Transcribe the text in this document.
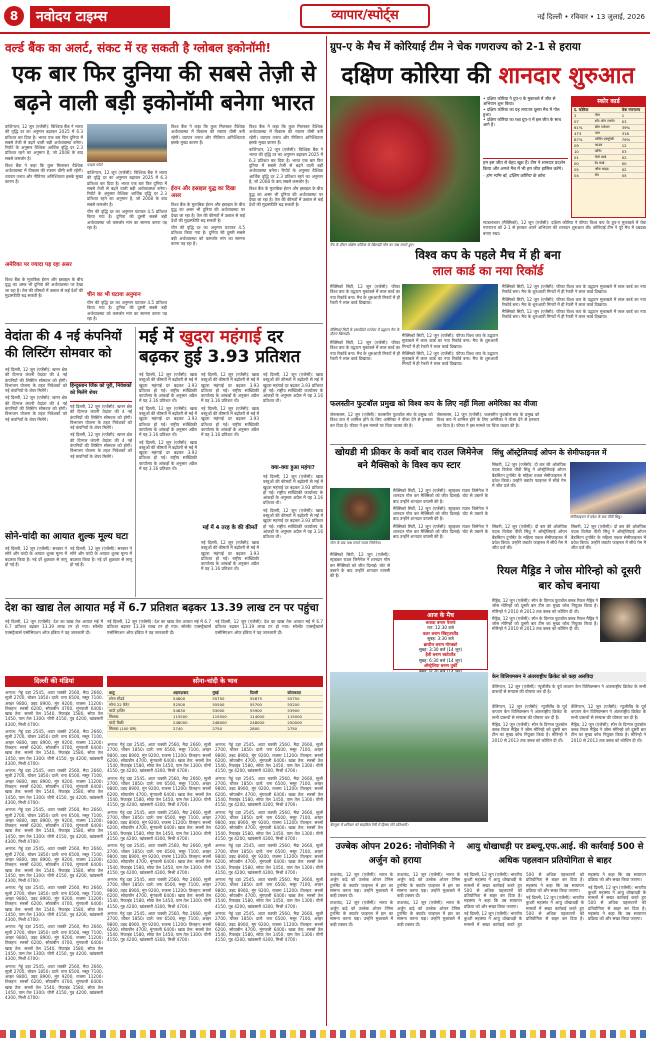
8	नवोदय टाइम्स	व्यापार/स्पोर्ट्स	नई दिल्ली • रविवार • 13 जुलाई, 2026
वर्ल्ड बैंक का अलर्ट, संकट में रह सकती है ग्लोबल इकोनॉमी!
एक बार फिर दुनिया की सबसे तेज़ी से बढ़ने वाली बड़ी इकोनॉमी बनेगा भारत

वाशिंगटन, 12 जून (एजेंसी): विश्विक बैंक ने भारत की वृद्धि दर का अनुमान बढ़ाकर 2025 में 6.3 प्रतिशत कर दिया है। भारत एक बार फिर दुनिया में सबसे तेजी से बढ़ने वाली बड़ी अर्थव्यवस्था बनेगा। रिपोर्ट के अनुसार वैश्विक आर्थिक वृद्धि दर 2.3 प्रतिशत रहने का अनुमान है, जो 2008 के बाद सबसे कमजोर है।

विश्व बैंक ने कहा कि कुल मिलाकर वैश्विक अर्थव्यवस्था में विकास की रफ्तार धीमी बनी रहेगी। व्यापार तनाव और नीतिगत अनिश्चितता इसके मुख्य कारण हैं।

अमेरिका पर ज्यादा पड़ रहा असर
विश्व बैंक के मुताबिक ईरान और इस्राइल के बीच युद्ध का असर भी दुनिया की अर्थव्यवस्था पर देखा जा रहा है। तेल की कीमतों में उछाल से कई देशों की मुद्रास्फीति बढ़ सकती है।
फाइल फोटो

वाशिंगटन, 12 जून (एजेंसी): विश्विक बैंक ने भारत की वृद्धि दर का अनुमान बढ़ाकर 2025 में 6.3 प्रतिशत कर दिया है। भारत एक बार फिर दुनिया में सबसे तेजी से बढ़ने वाली बड़ी अर्थव्यवस्था बनेगा। रिपोर्ट के अनुसार वैश्विक आर्थिक वृद्धि दर 2.3 प्रतिशत रहने का अनुमान है, जो 2008 के बाद सबसे कमजोर है।

चीन की वृद्धि दर का अनुमान घटाकर 4.5 प्रतिशत किया गया है। दुनिया की दूसरी सबसे बड़ी अर्थव्यवस्था को कमजोर मांग का सामना करना पड़ रहा है।

चीन का भी घटाया अनुमान
चीन की वृद्धि दर का अनुमान घटाकर 4.5 प्रतिशत किया गया है। दुनिया की दूसरी सबसे बड़ी अर्थव्यवस्था को कमजोर मांग का सामना करना पड़ रहा है।
विश्व बैंक ने कहा कि कुल मिलाकर वैश्विक अर्थव्यवस्था में विकास की रफ्तार धीमी बनी रहेगी। व्यापार तनाव और नीतिगत अनिश्चितता इसके मुख्य कारण हैं।
ईरान और इस्राइल युद्ध का दिखा असर

विश्व बैंक के मुताबिक ईरान और इस्राइल के बीच युद्ध का असर भी दुनिया की अर्थव्यवस्था पर देखा जा रहा है। तेल की कीमतों में उछाल से कई देशों की मुद्रास्फीति बढ़ सकती है।

चीन की वृद्धि दर का अनुमान घटाकर 4.5 प्रतिशत किया गया है। दुनिया की दूसरी सबसे बड़ी अर्थव्यवस्था को कमजोर मांग का सामना करना पड़ रहा है।

विश्व बैंक ने कहा कि कुल मिलाकर वैश्विक अर्थव्यवस्था में विकास की रफ्तार धीमी बनी रहेगी। व्यापार तनाव और नीतिगत अनिश्चितता इसके मुख्य कारण हैं।

वाशिंगटन, 12 जून (एजेंसी): विश्विक बैंक ने भारत की वृद्धि दर का अनुमान बढ़ाकर 2025 में 6.3 प्रतिशत कर दिया है। भारत एक बार फिर दुनिया में सबसे तेजी से बढ़ने वाली बड़ी अर्थव्यवस्था बनेगा। रिपोर्ट के अनुसार वैश्विक आर्थिक वृद्धि दर 2.3 प्रतिशत रहने का अनुमान है, जो 2008 के बाद सबसे कमजोर है।

विश्व बैंक के मुताबिक ईरान और इस्राइल के बीच युद्ध का असर भी दुनिया की अर्थव्यवस्था पर देखा जा रहा है। तेल की कीमतों में उछाल से कई देशों की मुद्रास्फीति बढ़ सकती है।

वेदांता की 4 नई कंपनियों की लिस्टिंग सोमवार को

नई दिल्ली, 12 जून (एजेंसी): खनन क्षेत्र की दिग्गज कंपनी वेदांता की 4 नई कंपनियों की लिस्टिंग सोमवार को होगी। विभाजन योजना के तहत निवेशकों को नई कंपनियों के शेयर मिलेंगे।

नई दिल्ली, 12 जून (एजेंसी): खनन क्षेत्र की दिग्गज कंपनी वेदांता की 4 नई कंपनियों की लिस्टिंग सोमवार को होगी। विभाजन योजना के तहत निवेशकों को नई कंपनियों के शेयर मिलेंगे।

हिन्दुस्तान जिंक को पूरी, निवेशकों को मिलेंगे शेयर

नई दिल्ली, 12 जून (एजेंसी): खनन क्षेत्र की दिग्गज कंपनी वेदांता की 4 नई कंपनियों की लिस्टिंग सोमवार को होगी। विभाजन योजना के तहत निवेशकों को नई कंपनियों के शेयर मिलेंगे।

नई दिल्ली, 12 जून (एजेंसी): खनन क्षेत्र की दिग्गज कंपनी वेदांता की 4 नई कंपनियों की लिस्टिंग सोमवार को होगी। विभाजन योजना के तहत निवेशकों को नई कंपनियों के शेयर मिलेंगे।

सोने-चांदी का आयात शुल्क मूल्य घटा
नई दिल्ली, 12 जून (एजेंसी): सरकार ने सोने और चांदी के आयात शुल्क मूल्य में बदलाव किया है। नई दरें शुक्रवार से लागू हो गई हैं।
नई दिल्ली, 12 जून (एजेंसी): सरकार ने सोने और चांदी के आयात शुल्क मूल्य में बदलाव किया है। नई दरें शुक्रवार से लागू हो गई हैं।
मई में खुदरा महंगाई दर बढ़कर हुई 3.93 प्रतिशत

नई दिल्ली, 12 जून (एजेंसी): खाद्य वस्तुओं की कीमतों में बढ़ोतरी से मई में खुदरा महंगाई दर बढ़कर 3.93 प्रतिशत हो गई। राष्ट्रीय सांख्यिकी कार्यालय के आंकड़ों के अनुसार अप्रैल में यह 3.16 प्रतिशत थी।

नई दिल्ली, 12 जून (एजेंसी): खाद्य वस्तुओं की कीमतों में बढ़ोतरी से मई में खुदरा महंगाई दर बढ़कर 3.93 प्रतिशत हो गई। राष्ट्रीय सांख्यिकी कार्यालय के आंकड़ों के अनुसार अप्रैल में यह 3.16 प्रतिशत थी।

नई दिल्ली, 12 जून (एजेंसी): खाद्य वस्तुओं की कीमतों में बढ़ोतरी से मई में खुदरा महंगाई दर बढ़कर 3.93 प्रतिशत हो गई। राष्ट्रीय सांख्यिकी कार्यालय के आंकड़ों के अनुसार अप्रैल में यह 3.16 प्रतिशत थी।

नई दिल्ली, 12 जून (एजेंसी): खाद्य वस्तुओं की कीमतों में बढ़ोतरी से मई में खुदरा महंगाई दर बढ़कर 3.93 प्रतिशत हो गई। राष्ट्रीय सांख्यिकी कार्यालय के आंकड़ों के अनुसार अप्रैल में यह 3.16 प्रतिशत थी।

नई दिल्ली, 12 जून (एजेंसी): खाद्य वस्तुओं की कीमतों में बढ़ोतरी से मई में खुदरा महंगाई दर बढ़कर 3.93 प्रतिशत हो गई। राष्ट्रीय सांख्यिकी कार्यालय के आंकड़ों के अनुसार अप्रैल में यह 3.16 प्रतिशत थी।

मई में 4 तरह के की कीमतें
नई दिल्ली, 12 जून (एजेंसी): खाद्य वस्तुओं की कीमतों में बढ़ोतरी से मई में खुदरा महंगाई दर बढ़कर 3.93 प्रतिशत हो गई। राष्ट्रीय सांख्यिकी कार्यालय के आंकड़ों के अनुसार अप्रैल में यह 3.16 प्रतिशत थी।
नई दिल्ली, 12 जून (एजेंसी): खाद्य वस्तुओं की कीमतों में बढ़ोतरी से मई में खुदरा महंगाई दर बढ़कर 3.93 प्रतिशत हो गई। राष्ट्रीय सांख्यिकी कार्यालय के आंकड़ों के अनुसार अप्रैल में यह 3.16 प्रतिशत थी।
क्या-क्या हुआ महंगा?

नई दिल्ली, 12 जून (एजेंसी): खाद्य वस्तुओं की कीमतों में बढ़ोतरी से मई में खुदरा महंगाई दर बढ़कर 3.93 प्रतिशत हो गई। राष्ट्रीय सांख्यिकी कार्यालय के आंकड़ों के अनुसार अप्रैल में यह 3.16 प्रतिशत थी।

नई दिल्ली, 12 जून (एजेंसी): खाद्य वस्तुओं की कीमतों में बढ़ोतरी से मई में खुदरा महंगाई दर बढ़कर 3.93 प्रतिशत हो गई। राष्ट्रीय सांख्यिकी कार्यालय के आंकड़ों के अनुसार अप्रैल में यह 3.16 प्रतिशत थी।

देश का खाद्य तेल आयात मई में 6.7 प्रतिशत बढ़कर 13.39 लाख टन पर पहुंचा
नई दिल्ली, 12 जून (एजेंसी): देश का खाद्य तेल आयात मई में 6.7 प्रतिशत बढ़कर 13.39 लाख टन हो गया। सॉल्वेंट एक्सट्रैक्टर्स एसोसिएशन ऑफ इंडिया ने यह जानकारी दी।
नई दिल्ली, 12 जून (एजेंसी): देश का खाद्य तेल आयात मई में 6.7 प्रतिशत बढ़कर 13.39 लाख टन हो गया। सॉल्वेंट एक्सट्रैक्टर्स एसोसिएशन ऑफ इंडिया ने यह जानकारी दी।
नई दिल्ली, 12 जून (एजेंसी): देश का खाद्य तेल आयात मई में 6.7 प्रतिशत बढ़कर 13.39 लाख टन हो गया। सॉल्वेंट एक्सट्रैक्टर्स एसोसिएशन ऑफ इंडिया ने यह जानकारी दी।
दिल्ली की मंडियां	सोना-चांदी के भाव

अनाज: गेहूं दड़ा 2545, आटा चक्की 2560, मैदा 2660, सूजी 2700, चोकर 1850। दालें: चना 6500, मसूर 7100, अरहर 9800, उड़द 8900, मूंग 9200, राजमा 11200। तिलहन: सरसों 6200, सोयाबीन 4700, मूंगफली 6400। खाद्य तेल: सरसों तेल 1540, रिफाइंड 1580, सोया तेल 1450, पाम तेल 1300। चीनी 4150, गुड़ 4200, खांडसारी 4300, मिश्री 4700।

अनाज: गेहूं दड़ा 2545, आटा चक्की 2560, मैदा 2660, सूजी 2700, चोकर 1850। दालें: चना 6500, मसूर 7100, अरहर 9800, उड़द 8900, मूंग 9200, राजमा 11200। तिलहन: सरसों 6200, सोयाबीन 4700, मूंगफली 6400। खाद्य तेल: सरसों तेल 1540, रिफाइंड 1580, सोया तेल 1450, पाम तेल 1300। चीनी 4150, गुड़ 4200, खांडसारी 4300, मिश्री 4700।

अनाज: गेहूं दड़ा 2545, आटा चक्की 2560, मैदा 2660, सूजी 2700, चोकर 1850। दालें: चना 6500, मसूर 7100, अरहर 9800, उड़द 8900, मूंग 9200, राजमा 11200। तिलहन: सरसों 6200, सोयाबीन 4700, मूंगफली 6400। खाद्य तेल: सरसों तेल 1540, रिफाइंड 1580, सोया तेल 1450, पाम तेल 1300। चीनी 4150, गुड़ 4200, खांडसारी 4300, मिश्री 4700।

अनाज: गेहूं दड़ा 2545, आटा चक्की 2560, मैदा 2660, सूजी 2700, चोकर 1850। दालें: चना 6500, मसूर 7100, अरहर 9800, उड़द 8900, मूंग 9200, राजमा 11200। तिलहन: सरसों 6200, सोयाबीन 4700, मूंगफली 6400। खाद्य तेल: सरसों तेल 1540, रिफाइंड 1580, सोया तेल 1450, पाम तेल 1300। चीनी 4150, गुड़ 4200, खांडसारी 4300, मिश्री 4700।

अनाज: गेहूं दड़ा 2545, आटा चक्की 2560, मैदा 2660, सूजी 2700, चोकर 1850। दालें: चना 6500, मसूर 7100, अरहर 9800, उड़द 8900, मूंग 9200, राजमा 11200। तिलहन: सरसों 6200, सोयाबीन 4700, मूंगफली 6400। खाद्य तेल: सरसों तेल 1540, रिफाइंड 1580, सोया तेल 1450, पाम तेल 1300। चीनी 4150, गुड़ 4200, खांडसारी 4300, मिश्री 4700।

अनाज: गेहूं दड़ा 2545, आटा चक्की 2560, मैदा 2660, सूजी 2700, चोकर 1850। दालें: चना 6500, मसूर 7100, अरहर 9800, उड़द 8900, मूंग 9200, राजमा 11200। तिलहन: सरसों 6200, सोयाबीन 4700, मूंगफली 6400। खाद्य तेल: सरसों तेल 1540, रिफाइंड 1580, सोया तेल 1450, पाम तेल 1300। चीनी 4150, गुड़ 4200, खांडसारी 4300, मिश्री 4700।

अनाज: गेहूं दड़ा 2545, आटा चक्की 2560, मैदा 2660, सूजी 2700, चोकर 1850। दालें: चना 6500, मसूर 7100, अरहर 9800, उड़द 8900, मूंग 9200, राजमा 11200। तिलहन: सरसों 6200, सोयाबीन 4700, मूंगफली 6400। खाद्य तेल: सरसों तेल 1540, रिफाइंड 1580, सोया तेल 1450, पाम तेल 1300। चीनी 4150, गुड़ 4200, खांडसारी 4300, मिश्री 4700।

अनाज: गेहूं दड़ा 2545, आटा चक्की 2560, मैदा 2660, सूजी 2700, चोकर 1850। दालें: चना 6500, मसूर 7100, अरहर 9800, उड़द 8900, मूंग 9200, राजमा 11200। तिलहन: सरसों 6200, सोयाबीन 4700, मूंगफली 6400। खाद्य तेल: सरसों तेल 1540, रिफाइंड 1580, सोया तेल 1450, पाम तेल 1300। चीनी 4150, गुड़ 4200, खांडसारी 4300, मिश्री 4700।

धातु	अहमदाबाद	मुंबई	दिल्ली	कोलकाता
सोना स्टैंडर्ड	54800	55750	55875	55750
सोना 22 कैरेट	52500	55500	55700	55200
चांदी हाजिर	54830	53000	53900	53900
सिक्का	115500	115500	114000	115000
चांदी बिक्री	248000	248000	248000	250000
सिक्का (100 ग्राम)	2740	2750	2800	2750

अनाज: गेहूं दड़ा 2545, आटा चक्की 2560, मैदा 2660, सूजी 2700, चोकर 1850। दालें: चना 6500, मसूर 7100, अरहर 9800, उड़द 8900, मूंग 9200, राजमा 11200। तिलहन: सरसों 6200, सोयाबीन 4700, मूंगफली 6400। खाद्य तेल: सरसों तेल 1540, रिफाइंड 1580, सोया तेल 1450, पाम तेल 1300। चीनी 4150, गुड़ 4200, खांडसारी 4300, मिश्री 4700।

अनाज: गेहूं दड़ा 2545, आटा चक्की 2560, मैदा 2660, सूजी 2700, चोकर 1850। दालें: चना 6500, मसूर 7100, अरहर 9800, उड़द 8900, मूंग 9200, राजमा 11200। तिलहन: सरसों 6200, सोयाबीन 4700, मूंगफली 6400। खाद्य तेल: सरसों तेल 1540, रिफाइंड 1580, सोया तेल 1450, पाम तेल 1300। चीनी 4150, गुड़ 4200, खांडसारी 4300, मिश्री 4700।

अनाज: गेहूं दड़ा 2545, आटा चक्की 2560, मैदा 2660, सूजी 2700, चोकर 1850। दालें: चना 6500, मसूर 7100, अरहर 9800, उड़द 8900, मूंग 9200, राजमा 11200। तिलहन: सरसों 6200, सोयाबीन 4700, मूंगफली 6400। खाद्य तेल: सरसों तेल 1540, रिफाइंड 1580, सोया तेल 1450, पाम तेल 1300। चीनी 4150, गुड़ 4200, खांडसारी 4300, मिश्री 4700।

अनाज: गेहूं दड़ा 2545, आटा चक्की 2560, मैदा 2660, सूजी 2700, चोकर 1850। दालें: चना 6500, मसूर 7100, अरहर 9800, उड़द 8900, मूंग 9200, राजमा 11200। तिलहन: सरसों 6200, सोयाबीन 4700, मूंगफली 6400। खाद्य तेल: सरसों तेल 1540, रिफाइंड 1580, सोया तेल 1450, पाम तेल 1300। चीनी 4150, गुड़ 4200, खांडसारी 4300, मिश्री 4700।

अनाज: गेहूं दड़ा 2545, आटा चक्की 2560, मैदा 2660, सूजी 2700, चोकर 1850। दालें: चना 6500, मसूर 7100, अरहर 9800, उड़द 8900, मूंग 9200, राजमा 11200। तिलहन: सरसों 6200, सोयाबीन 4700, मूंगफली 6400। खाद्य तेल: सरसों तेल 1540, रिफाइंड 1580, सोया तेल 1450, पाम तेल 1300। चीनी 4150, गुड़ 4200, खांडसारी 4300, मिश्री 4700।

अनाज: गेहूं दड़ा 2545, आटा चक्की 2560, मैदा 2660, सूजी 2700, चोकर 1850। दालें: चना 6500, मसूर 7100, अरहर 9800, उड़द 8900, मूंग 9200, राजमा 11200। तिलहन: सरसों 6200, सोयाबीन 4700, मूंगफली 6400। खाद्य तेल: सरसों तेल 1540, रिफाइंड 1580, सोया तेल 1450, पाम तेल 1300। चीनी 4150, गुड़ 4200, खांडसारी 4300, मिश्री 4700।

अनाज: गेहूं दड़ा 2545, आटा चक्की 2560, मैदा 2660, सूजी 2700, चोकर 1850। दालें: चना 6500, मसूर 7100, अरहर 9800, उड़द 8900, मूंग 9200, राजमा 11200। तिलहन: सरसों 6200, सोयाबीन 4700, मूंगफली 6400। खाद्य तेल: सरसों तेल 1540, रिफाइंड 1580, सोया तेल 1450, पाम तेल 1300। चीनी 4150, गुड़ 4200, खांडसारी 4300, मिश्री 4700।

अनाज: गेहूं दड़ा 2545, आटा चक्की 2560, मैदा 2660, सूजी 2700, चोकर 1850। दालें: चना 6500, मसूर 7100, अरहर 9800, उड़द 8900, मूंग 9200, राजमा 11200। तिलहन: सरसों 6200, सोयाबीन 4700, मूंगफली 6400। खाद्य तेल: सरसों तेल 1540, रिफाइंड 1580, सोया तेल 1450, पाम तेल 1300। चीनी 4150, गुड़ 4200, खांडसारी 4300, मिश्री 4700।

अनाज: गेहूं दड़ा 2545, आटा चक्की 2560, मैदा 2660, सूजी 2700, चोकर 1850। दालें: चना 6500, मसूर 7100, अरहर 9800, उड़द 8900, मूंग 9200, राजमा 11200। तिलहन: सरसों 6200, सोयाबीन 4700, मूंगफली 6400। खाद्य तेल: सरसों तेल 1540, रिफाइंड 1580, सोया तेल 1450, पाम तेल 1300। चीनी 4150, गुड़ 4200, खांडसारी 4300, मिश्री 4700।

अनाज: गेहूं दड़ा 2545, आटा चक्की 2560, मैदा 2660, सूजी 2700, चोकर 1850। दालें: चना 6500, मसूर 7100, अरहर 9800, उड़द 8900, मूंग 9200, राजमा 11200। तिलहन: सरसों 6200, सोयाबीन 4700, मूंगफली 6400। खाद्य तेल: सरसों तेल 1540, रिफाइंड 1580, सोया तेल 1450, पाम तेल 1300। चीनी 4150, गुड़ 4200, खांडसारी 4300, मिश्री 4700।

अनाज: गेहूं दड़ा 2545, आटा चक्की 2560, मैदा 2660, सूजी 2700, चोकर 1850। दालें: चना 6500, मसूर 7100, अरहर 9800, उड़द 8900, मूंग 9200, राजमा 11200। तिलहन: सरसों 6200, सोयाबीन 4700, मूंगफली 6400। खाद्य तेल: सरसों तेल 1540, रिफाइंड 1580, सोया तेल 1450, पाम तेल 1300। चीनी 4150, गुड़ 4200, खांडसारी 4300, मिश्री 4700।

अनाज: गेहूं दड़ा 2545, आटा चक्की 2560, मैदा 2660, सूजी 2700, चोकर 1850। दालें: चना 6500, मसूर 7100, अरहर 9800, उड़द 8900, मूंग 9200, राजमा 11200। तिलहन: सरसों 6200, सोयाबीन 4700, मूंगफली 6400। खाद्य तेल: सरसों तेल 1540, रिफाइंड 1580, सोया तेल 1450, पाम तेल 1300। चीनी 4150, गुड़ 4200, खांडसारी 4300, मिश्री 4700।

ग्रुप-ए के मैच में कोरियाई टीम ने चेक गणराज्य को 2-1 से हराया
दक्षिण कोरिया की शानदार शुरुआत
मैच के दौरान दक्षिण कोरिया के खिलाड़ी गोल का जश्न मनाते हुए।
• दक्षिण कोरिया ने ग्रुप-ए के मुकाबले में जीत से अभियान शुरू किया।
• दक्षिण कोरिया का यह लगातार दूसरा मैच में गोल हुआ।
• दक्षिण कोरिया का रक्षा ग्रुप-ए में इस जीत के साथ आगे है।
हम इस जीत से बेहद खुश हैं। टीम ने शानदार प्रदर्शन किया और अगले मैच में भी हम जीत हासिल करेंगे।
- हांग म्योंग-बो, दक्षिण कोरिया के कोच
स्कोर कार्ड
द. कोरिया		चेक गणराज्य
2	गोल	1
07	शॉट ऑन टारगेट	03
61%	बॉल पजेशन	39%
473	पास	318
87%	पासिंग एक्यूरेसी	79%
09	फाउल	12
10	कॉर्नर	03
01	येलो कार्ड	02
00	रेड कार्ड	00
05	ऑफ साइड	02
04	सेव	05
ग्वाडलजारा (मैक्सिको), 12 जून (एजेंसी): दक्षिण कोरिया ने फीफा विश्व कप के ग्रुप-ए मुकाबले में चेक गणराज्य को 2-1 से हराकर अपने अभियान की शानदार शुरुआत की। कोरियाई टीम ने पूरे मैच में दबदबा बनाए रखा।
विश्व कप के पहले मैच में ही बना
लाल कार्ड का नया रिकॉर्ड
मैक्सिको सिटी, 12 जून (एजेंसी): फीफा विश्व कप के उद्घाटन मुकाबले में लाल कार्ड का नया रिकॉर्ड बना। मैच के शुरुआती मिनटों में ही रेफरी ने लाल कार्ड दिखाया।
मैक्सिको सिटी के एस्टाडियो एज्टेका में उद्घाटन मैच के दौरान खिलाड़ी।	मैक्सिको सिटी, 12 जून (एजेंसी): फीफा विश्व कप के उद्घाटन मुकाबले में लाल कार्ड का नया रिकॉर्ड बना। मैच के शुरुआती मिनटों में ही रेफरी ने लाल कार्ड दिखाया।

मैक्सिको सिटी, 12 जून (एजेंसी): फीफा विश्व कप के उद्घाटन मुकाबले में लाल कार्ड का नया रिकॉर्ड बना। मैच के शुरुआती मिनटों में ही रेफरी ने लाल कार्ड दिखाया।

मैक्सिको सिटी, 12 जून (एजेंसी): फीफा विश्व कप के उद्घाटन मुकाबले में लाल कार्ड का नया रिकॉर्ड बना। मैच के शुरुआती मिनटों में ही रेफरी ने लाल कार्ड दिखाया।

मैक्सिको सिटी, 12 जून (एजेंसी): फीफा विश्व कप के उद्घाटन मुकाबले में लाल कार्ड का नया रिकॉर्ड बना। मैच के शुरुआती मिनटों में ही रेफरी ने लाल कार्ड दिखाया।

मैक्सिको सिटी, 12 जून (एजेंसी): फीफा विश्व कप के उद्घाटन मुकाबले में लाल कार्ड का नया रिकॉर्ड बना। मैच के शुरुआती मिनटों में ही रेफरी ने लाल कार्ड दिखाया।

मैक्सिको सिटी, 12 जून (एजेंसी): फीफा विश्व कप के उद्घाटन मुकाबले में लाल कार्ड का नया रिकॉर्ड बना। मैच के शुरुआती मिनटों में ही रेफरी ने लाल कार्ड दिखाया।
फलस्तीन फुटबॉल प्रमुख को विश्व कप के लिए नहीं मिला अमेरिका का वीजा

जेरूसलम, 12 जून (एजेंसी): फलस्तीन फुटबॉल संघ के प्रमुख को विश्व कप में शामिल होने के लिए अमेरिका ने वीजा देने से इनकार कर दिया है। फीफा ने इस मामले पर चिंता व्यक्त की है।

जेरूसलम, 12 जून (एजेंसी): फलस्तीन फुटबॉल संघ के प्रमुख को विश्व कप में शामिल होने के लिए अमेरिका ने वीजा देने से इनकार कर दिया है। फीफा ने इस मामले पर चिंता व्यक्त की है।

खोयडी मी फ्रीकर के कर्वो बाद राउल जिमेनेज बने मैक्सिको के विश्व कप स्टार
गोल के बाद जश्न मनाते राउल जिमेनेज।

मैक्सिको सिटी, 12 जून (एजेंसी): स्ट्राइकर राउल जिमेनेज ने शानदार गोल कर मैक्सिको को जीत दिलाई। चोट से उबरने के बाद उन्होंने शानदार वापसी की है।

मैक्सिको सिटी, 12 जून (एजेंसी): स्ट्राइकर राउल जिमेनेज ने शानदार गोल कर मैक्सिको को जीत दिलाई। चोट से उबरने के बाद उन्होंने शानदार वापसी की है।

मैक्सिको सिटी, 12 जून (एजेंसी): स्ट्राइकर राउल जिमेनेज ने शानदार गोल कर मैक्सिको को जीत दिलाई। चोट से उबरने के बाद उन्होंने शानदार वापसी की है।

मैक्सिको सिटी, 12 जून (एजेंसी): स्ट्राइकर राउल जिमेनेज ने शानदार गोल कर मैक्सिको को जीत दिलाई। चोट से उबरने के बाद उन्होंने शानदार वापसी की है।
आज के मैच
कनाडा बनाम पैराग्वे
रात: 12:30 बजे
कतर बनाम स्विट्जरलैंड
सुबह: 3:30 बजे
ब्राजील बनाम मोरक्को
सुबह: 3:30 बजे (14 जून)
हैती बनाम स्कॉटलैंड
सुबह: 6:30 बजे (14 जून)
ऑस्ट्रेलिया बनाम तुर्की
सिंधु ऑस्ट्रेलियाई ओपन के सेमीफाइनल में
सिडनी, 12 जून (एजेंसी): दो बार की ओलंपिक पदक विजेता पीवी सिंधु ने ऑस्ट्रेलियाई ओपन बैडमिंटन टूर्नामेंट के महिला एकल सेमीफाइनल में प्रवेश किया। उन्होंने क्वार्टर फाइनल में सीधे गेम में जीत दर्ज की।
सेमीफाइनल में प्रवेश के बाद पीवी सिंधु।

सिडनी, 12 जून (एजेंसी): दो बार की ओलंपिक पदक विजेता पीवी सिंधु ने ऑस्ट्रेलियाई ओपन बैडमिंटन टूर्नामेंट के महिला एकल सेमीफाइनल में प्रवेश किया। उन्होंने क्वार्टर फाइनल में सीधे गेम में जीत दर्ज की।

सिडनी, 12 जून (एजेंसी): दो बार की ओलंपिक पदक विजेता पीवी सिंधु ने ऑस्ट्रेलियाई ओपन बैडमिंटन टूर्नामेंट के महिला एकल सेमीफाइनल में प्रवेश किया। उन्होंने क्वार्टर फाइनल में सीधे गेम में जीत दर्ज की।

रियल मैड्रिड ने जोस मोरिन्हो को दूसरी बार कोच बनाया

मैड्रिड, 12 जून (एजेंसी): स्पेन के दिग्गज फुटबॉल क्लब रियल मैड्रिड ने जोस मोरिन्हो को दूसरी बार टीम का मुख्य कोच नियुक्त किया है। मोरिन्हो ने 2010 से 2013 तक क्लब को कोचिंग दी थी।

मैड्रिड, 12 जून (एजेंसी): स्पेन के दिग्गज फुटबॉल क्लब रियल मैड्रिड ने जोस मोरिन्हो को दूसरी बार टीम का मुख्य कोच नियुक्त किया है। मोरिन्हो ने 2010 से 2013 तक क्लब को कोचिंग दी थी।

केन विलियमसन ने अंतरराष्ट्रीय क्रिकेट को कहा अलविदा
वेलिंगटन, 12 जून (एजेंसी): न्यूजीलैंड के पूर्व कप्तान केन विलियमसन ने अंतरराष्ट्रीय क्रिकेट के सभी प्रारूपों से संन्यास की घोषणा कर दी है।
बेंगलूरू में शनिवार को साइकिल रैली में हिस्सा लेते प्रतिभागी।

वेलिंगटन, 12 जून (एजेंसी): न्यूजीलैंड के पूर्व कप्तान केन विलियमसन ने अंतरराष्ट्रीय क्रिकेट के सभी प्रारूपों से संन्यास की घोषणा कर दी है।

मैड्रिड, 12 जून (एजेंसी): स्पेन के दिग्गज फुटबॉल क्लब रियल मैड्रिड ने जोस मोरिन्हो को दूसरी बार टीम का मुख्य कोच नियुक्त किया है। मोरिन्हो ने 2010 से 2013 तक क्लब को कोचिंग दी थी।

वेलिंगटन, 12 जून (एजेंसी): न्यूजीलैंड के पूर्व कप्तान केन विलियमसन ने अंतरराष्ट्रीय क्रिकेट के सभी प्रारूपों से संन्यास की घोषणा कर दी है।

मैड्रिड, 12 जून (एजेंसी): स्पेन के दिग्गज फुटबॉल क्लब रियल मैड्रिड ने जोस मोरिन्हो को दूसरी बार टीम का मुख्य कोच नियुक्त किया है। मोरिन्हो ने 2010 से 2013 तक क्लब को कोचिंग दी थी।

उज्बेक ओपन 2026: नोवोनिकी ने अर्जुन को हराया

ताशकंद, 12 जून (एजेंसी): भारत के अर्जुन कढ़े को उज्बेक ओपन टेनिस टूर्नामेंट के क्वार्टर फाइनल में हार का सामना करना पड़ा। उन्होंने मुकाबले में कड़ी टक्कर दी।

ताशकंद, 12 जून (एजेंसी): भारत के अर्जुन कढ़े को उज्बेक ओपन टेनिस टूर्नामेंट के क्वार्टर फाइनल में हार का सामना करना पड़ा। उन्होंने मुकाबले में कड़ी टक्कर दी।

ताशकंद, 12 जून (एजेंसी): भारत के अर्जुन कढ़े को उज्बेक ओपन टेनिस टूर्नामेंट के क्वार्टर फाइनल में हार का सामना करना पड़ा। उन्होंने मुकाबले में कड़ी टक्कर दी।

ताशकंद, 12 जून (एजेंसी): भारत के अर्जुन कढ़े को उज्बेक ओपन टेनिस टूर्नामेंट के क्वार्टर फाइनल में हार का सामना करना पड़ा। उन्होंने मुकाबले में कड़ी टक्कर दी।

आयु धोखाधड़ी पर डब्ल्यू.एफ.आई. की कार्रवाई 500 से अधिक पहलवान प्रतियोगिता से बाहर

नई दिल्ली, 12 जून (एजेंसी): भारतीय कुश्ती महासंघ ने आयु धोखाधड़ी के मामलों में सख्त कार्रवाई करते हुए 500 से अधिक पहलवानों को प्रतियोगिता से बाहर कर दिया है। महासंघ ने कहा कि उम्र सत्यापन प्रक्रिया को और सख्त किया जाएगा।

नई दिल्ली, 12 जून (एजेंसी): भारतीय कुश्ती महासंघ ने आयु धोखाधड़ी के मामलों में सख्त कार्रवाई करते हुए 500 से अधिक पहलवानों को प्रतियोगिता से बाहर कर दिया है। महासंघ ने कहा कि उम्र सत्यापन प्रक्रिया को और सख्त किया जाएगा।

नई दिल्ली, 12 जून (एजेंसी): भारतीय कुश्ती महासंघ ने आयु धोखाधड़ी के मामलों में सख्त कार्रवाई करते हुए 500 से अधिक पहलवानों को प्रतियोगिता से बाहर कर दिया है। महासंघ ने कहा कि उम्र सत्यापन प्रक्रिया को और सख्त किया जाएगा।

नई दिल्ली, 12 जून (एजेंसी): भारतीय कुश्ती महासंघ ने आयु धोखाधड़ी के मामलों में सख्त कार्रवाई करते हुए 500 से अधिक पहलवानों को प्रतियोगिता से बाहर कर दिया है। महासंघ ने कहा कि उम्र सत्यापन प्रक्रिया को और सख्त किया जाएगा।
